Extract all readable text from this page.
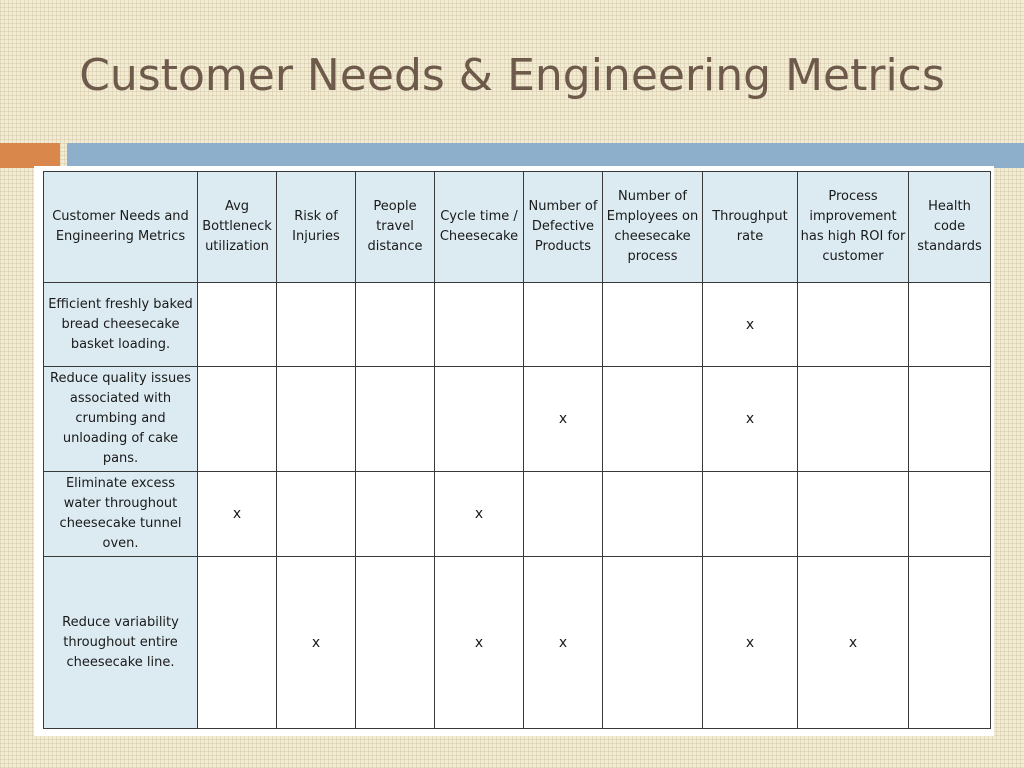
Customer Needs & Engineering Metrics
Customer Needs and Engineering Metrics	Avg Bottleneck utilization	Risk of Injuries	People travel distance	Cycle time / Cheesecake	Number of Defective Products	Number of Employees on cheesecake process	Throughput rate	Process improvement has high ROI for customer	Health code standards
Efficient freshly baked bread cheesecake basket loading.							x		
Reduce quality issues associated with crumbing and unloading of cake pans.					x		x		
Eliminate excess water throughout cheesecake tunnel oven.	x			x					
Reduce variability throughout entire cheesecake line.		x		x	x		x	x	
